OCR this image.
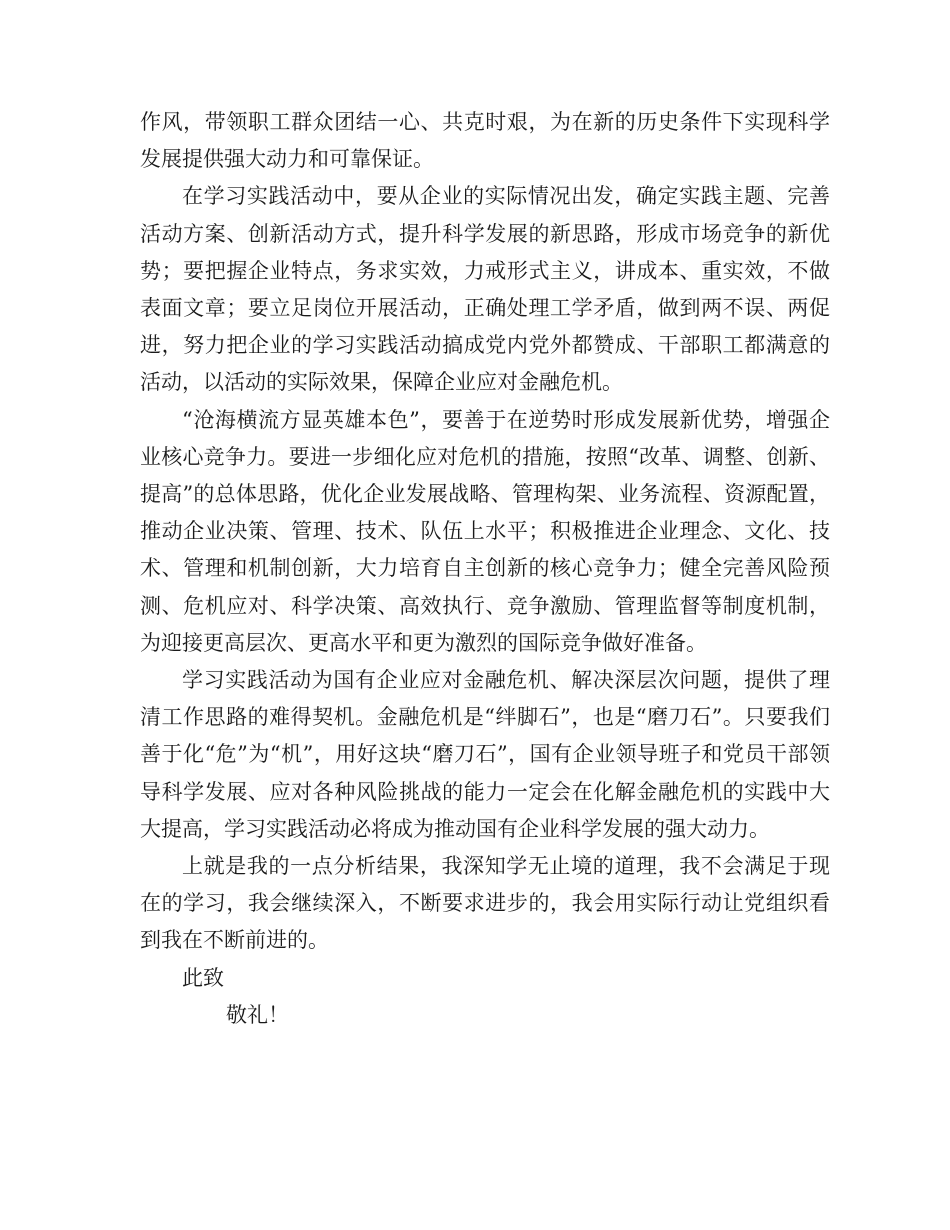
作风，带领职工群众团结一心、共克时艰，为在新的历史条件下实现科学发展提供强大动力和可靠保证。

在学习实践活动中，要从企业的实际情况出发，确定实践主题、完善活动方案、创新活动方式，提升科学发展的新思路，形成市场竞争的新优势；要把握企业特点，务求实效，力戒形式主义，讲成本、重实效，不做表面文章；要立足岗位开展活动，正确处理工学矛盾，做到两不误、两促进，努力把企业的学习实践活动搞成党内党外都赞成、干部职工都满意的活动，以活动的实际效果，保障企业应对金融危机。

“沧海横流方显英雄本色”，要善于在逆势时形成发展新优势，增强企业核心竞争力。要进一步细化应对危机的措施，按照“改革、调整、创新、提高”的总体思路，优化企业发展战略、管理构架、业务流程、资源配置，推动企业决策、管理、技术、队伍上水平；积极推进企业理念、文化、技术、管理和机制创新，大力培育自主创新的核心竞争力；健全完善风险预测、危机应对、科学决策、高效执行、竞争激励、管理监督等制度机制，为迎接更高层次、更高水平和更为激烈的国际竞争做好准备。

学习实践活动为国有企业应对金融危机、解决深层次问题，提供了理清工作思路的难得契机。金融危机是“绊脚石”，也是“磨刀石”。只要我们善于化“危”为“机”，用好这块“磨刀石”，国有企业领导班子和党员干部领导科学发展、应对各种风险挑战的能力一定会在化解金融危机的实践中大大提高，学习实践活动必将成为推动国有企业科学发展的强大动力。

上就是我的一点分析结果，我深知学无止境的道理，我不会满足于现在的学习，我会继续深入，不断要求进步的，我会用实际行动让党组织看到我在不断前进的。

此致

敬礼！
